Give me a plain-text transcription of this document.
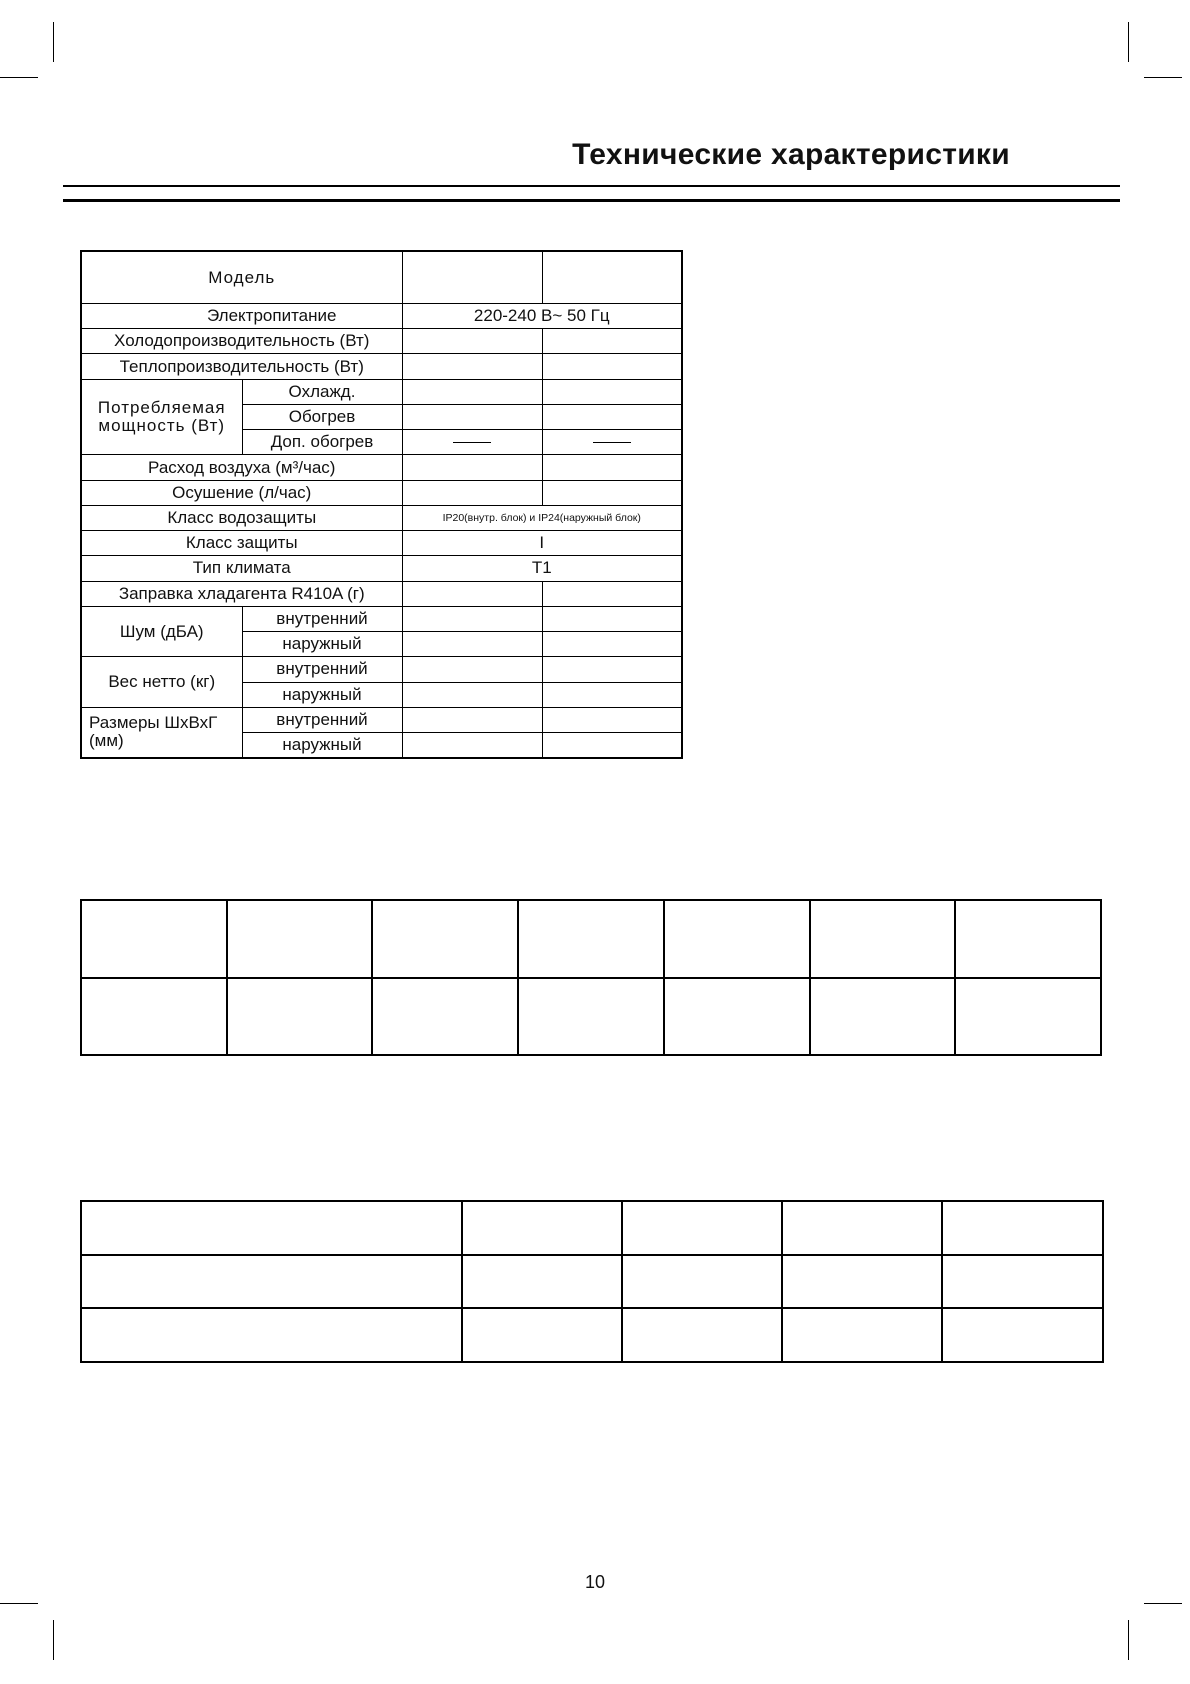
Технические характеристики
Модель			
Электропитание		220-240 В~ 50 Гц	
Холодопроизводительность (Вт)			
Теплопроизводительность (Вт)			
Потребляемая мощность (Вт)	Охлажд.		
	Обогрев		
	Доп. обогрев		
Расход воздуха (м³/час)			
Осушение (л/час)			
Класс водозащиты		IP20(внутр. блок) и IP24(наружный блок)	
Класс защиты		I	
Тип климата		T1	
Заправка хладагента R410A (г)			
Шум (дБА)	внутренний		
	наружный		
Вес нетто (кг)	внутренний		
	наружный		
Размеры ШхВхГ (мм)	внутренний		
	наружный		

10
